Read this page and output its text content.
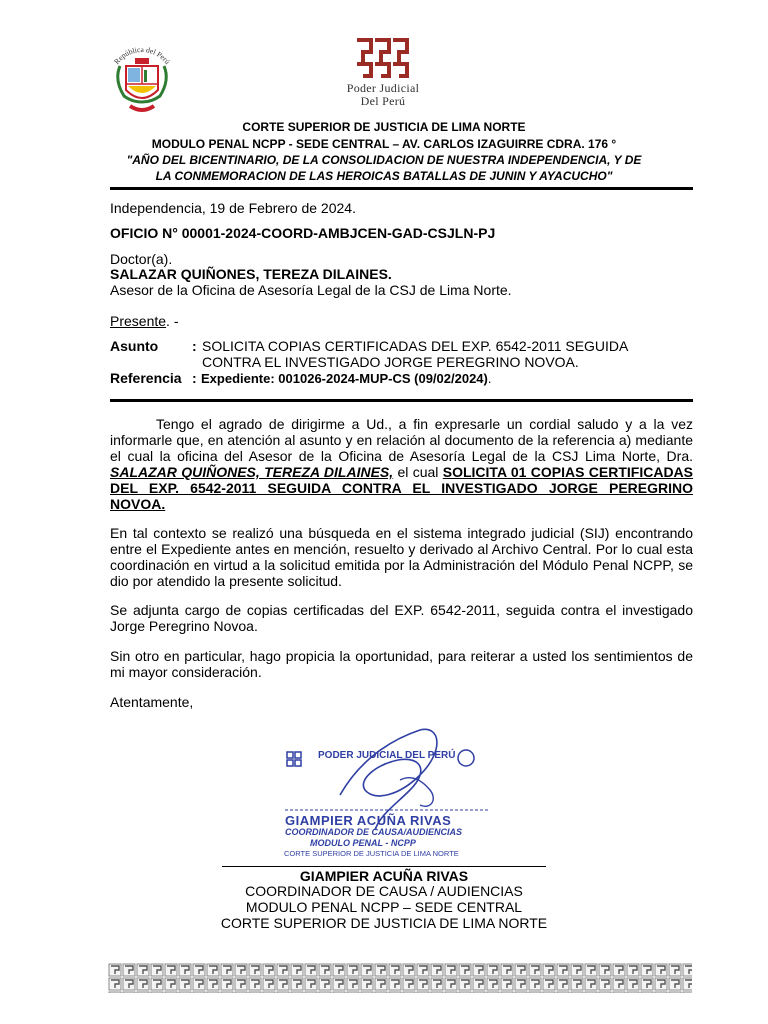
República del Perú
Poder Judicial
Del Perú
CORTE SUPERIOR DE JUSTICIA DE LIMA NORTE
MODULO PENAL NCPP - SEDE CENTRAL – AV. CARLOS IZAGUIRRE CDRA. 176 °
"AÑO DEL BICENTINARIO, DE LA CONSOLIDACION DE NUESTRA INDEPENDENCIA, Y DE
LA CONMEMORACION DE LAS HEROICAS BATALLAS DE JUNIN Y AYACUCHO"
Independencia, 19 de Febrero de 2024.
OFICIO N° 00001-2024-COORD-AMBJCEN-GAD-CSJLN-PJ
Doctor(a).
SALAZAR QUIÑONES, TEREZA DILAINES.
Asesor de la Oficina de Asesoría Legal de la CSJ de Lima Norte.
Presente. -
Asunto : SOLICITA COPIAS CERTIFICADAS DEL EXP. 6542-2011 SEGUIDA
CONTRA EL INVESTIGADO JORGE PEREGRINO NOVOA.
Referencia : Expediente: 001026-2024-MUP-CS (09/02/2024).
Tengo el agrado de dirigirme a Ud., a fin expresarle un cordial saludo y a la vez
informarle que, en atención al asunto y en relación al documento de la referencia a) mediante
el cual la oficina del Asesor de la Oficina de Asesoría Legal de la CSJ Lima Norte, Dra.
SALAZAR QUIÑONES, TEREZA DILAINES, el cual SOLICITA 01 COPIAS CERTIFICADAS
DEL EXP. 6542-2011 SEGUIDA CONTRA EL INVESTIGADO JORGE PEREGRINO
NOVOA.
En tal contexto se realizó una búsqueda en el sistema integrado judicial (SIJ) encontrando
entre el Expediente antes en mención, resuelto y derivado al Archivo Central. Por lo cual esta
coordinación en virtud a la solicitud emitida por la Administración del Módulo Penal NCPP, se
dio por atendido la presente solicitud.
Se adjunta cargo de copias certificadas del EXP. 6542-2011, seguida contra el investigado
Jorge Peregrino Novoa.
Sin otro en particular, hago propicia la oportunidad, para reiterar a usted los sentimientos de
mi mayor consideración.
Atentamente,
PODER JUDICIAL DEL PERÚ
GIAMPIER ACUÑA RIVAS
COORDINADOR DE CAUSA/AUDIENCIAS
MODULO PENAL - NCPP
CORTE SUPERIOR DE JUSTICIA DE LIMA NORTE
GIAMPIER ACUÑA RIVAS
COORDINADOR DE CAUSA / AUDIENCIAS
MODULO PENAL NCPP – SEDE CENTRAL
CORTE SUPERIOR DE JUSTICIA DE LIMA NORTE
